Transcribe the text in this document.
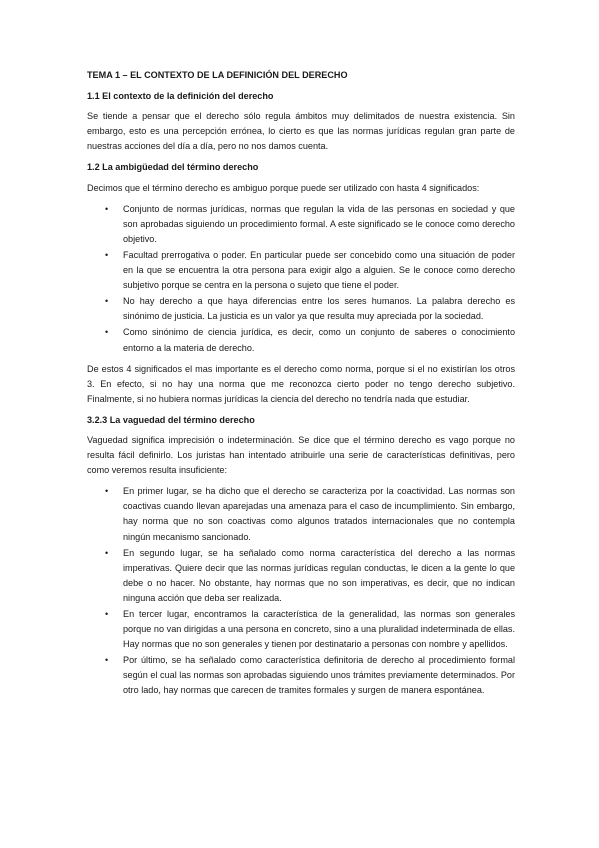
TEMA 1 – EL CONTEXTO DE LA DEFINICIÓN DEL DERECHO
1.1 El contexto de la definición del derecho
Se tiende a pensar que el derecho sólo regula ámbitos muy delimitados de nuestra existencia. Sin embargo, esto es una percepción errónea, lo cierto es que las normas jurídicas regulan gran parte de nuestras acciones del día a día, pero no nos damos cuenta.
1.2 La ambigüedad del término derecho
Decimos que el término derecho es ambiguo porque puede ser utilizado con hasta 4 significados:
• Conjunto de normas jurídicas, normas que regulan la vida de las personas en sociedad y que son aprobadas siguiendo un procedimiento formal. A este significado se le conoce como derecho objetivo.
• Facultad prerrogativa o poder. En particular puede ser concebido como una situación de poder en la que se encuentra la otra persona para exigir algo a alguien. Se le conoce como derecho subjetivo porque se centra en la persona o sujeto que tiene el poder.
• No hay derecho a que haya diferencias entre los seres humanos. La palabra derecho es sinónimo de justicia. La justicia es un valor ya que resulta muy apreciada por la sociedad.
• Como sinónimo de ciencia jurídica, es decir, como un conjunto de saberes o conocimiento entorno a la materia de derecho.
De estos 4 significados el mas importante es el derecho como norma, porque si el no existirían los otros 3. En efecto, si no hay una norma que me reconozca cierto poder no tengo derecho subjetivo. Finalmente, si no hubiera normas jurídicas la ciencia del derecho no tendría nada que estudiar.
3.2.3 La vaguedad del término derecho
Vaguedad significa imprecisión o indeterminación. Se dice que el término derecho es vago porque no resulta fácil definirlo. Los juristas han intentado atribuirle una serie de características definitivas, pero como veremos resulta insuficiente:
• En primer lugar, se ha dicho que el derecho se caracteriza por la coactividad. Las normas son coactivas cuando llevan aparejadas una amenaza para el caso de incumplimiento. Sin embargo, hay norma que no son coactivas como algunos tratados internacionales que no contempla ningún mecanismo sancionado.
• En segundo lugar, se ha señalado como norma característica del derecho a las normas imperativas. Quiere decir que las normas jurídicas regulan conductas, le dicen a la gente lo que debe o no hacer. No obstante, hay normas que no son imperativas, es decir, que no indican ninguna acción que deba ser realizada.
• En tercer lugar, encontramos la característica de la generalidad, las normas son generales porque no van dirigidas a una persona en concreto, sino a una pluralidad indeterminada de ellas. Hay normas que no son generales y tienen por destinatario a personas con nombre y apellidos.
• Por último, se ha señalado como característica definitoria de derecho al procedimiento formal según el cual las normas son aprobadas siguiendo unos trámites previamente determinados. Por otro lado, hay normas que carecen de tramites formales y surgen de manera espontánea.
